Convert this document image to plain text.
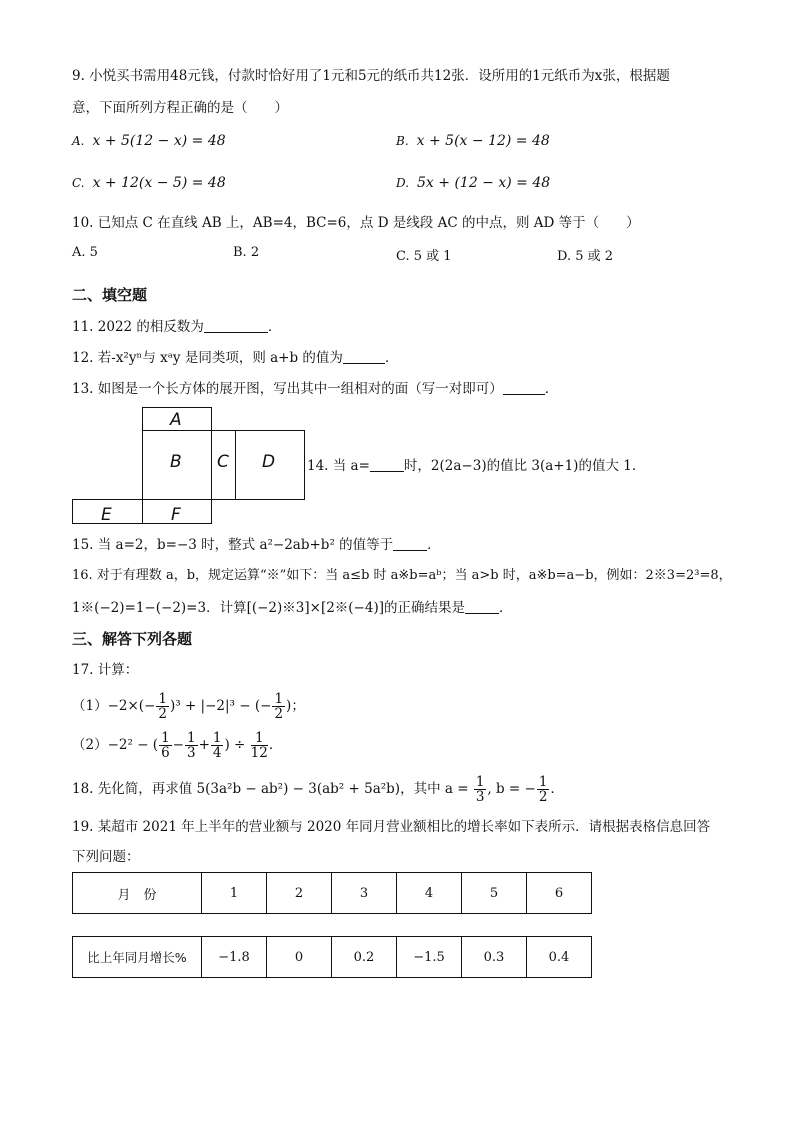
9. 小悦买书需用48元钱，付款时恰好用了1元和5元的纸币共12张．设所用的1元纸币为x张，根据题
意，下面所列方程正确的是（　　）
A. x + 5(12 − x) = 48	B. x + 5(x − 12) = 48
C. x + 12(x − 5) = 48	D. 5x + (12 − x) = 48
10. 已知点 C 在直线 AB 上，AB=4，BC=6，点 D 是线段 AC 的中点，则 AD 等于（　　）
A. 5	B. 2	C. 5 或 1	D. 5 或 2
二、填空题
11. 2022 的相反数为	．
12. 若-x²yⁿ与 xᵃy 是同类项，则 a+b 的值为	．
13. 如图是一个长方体的展开图，写出其中一组相对的面（写一对即可）	．
A
B C D
E	F
14. 当 a=	时，2(2a−3)的值比 3(a+1)的值大 1．
15. 当 a=2，b=−3 时，整式 a²−2ab+b² 的值等于	．
16. 对于有理数 a，b，规定运算“※”如下：当 a≤b 时 a※b=aᵇ；当 a>b 时，a※b=a−b，例如：2※3=2³=8，
1※(−2)=1−(−2)=3．计算[(−2)※3]×[2※(−4)]的正确结果是	．
三、解答下列各题
17. 计算：
$(1)-2\times(- \frac{1}{2} )^3 + |-2|^3$ − (− $\frac{1}{2}$ )；
（2）−2² − ( $\frac{1}{6} - \frac{1}{3} + \frac{1}{4}$ ) ÷ $\frac{1}{12}$ ．
18. 先化简，再求值 5(3a²b − ab²) − 3(ab² + 5a²b)，其中 $a = \frac{1}{3}$ , b = − $\frac{1}{2}$ ．
19. 某超市 2021 年上半年的营业额与 2020 年同月营业额相比的增长率如下表所示．请根据表格信息回答
下列问题：
月　份	1	2	3	4	5	6
比上年同月增长%	−1.8	0	0.2	−1.5	0.3	0.4
